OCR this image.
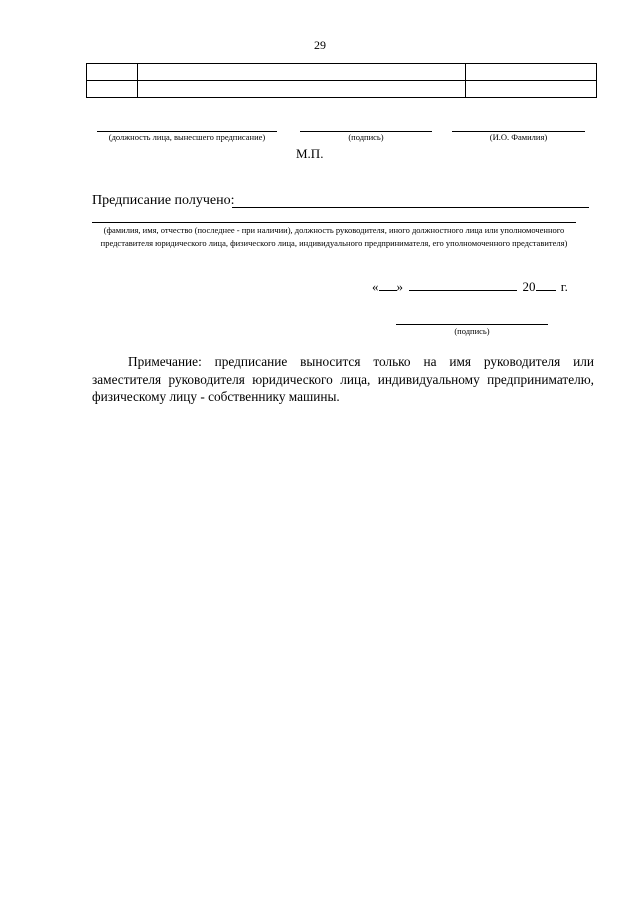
29

(должность лица, вынесшего предписание)	(подпись)	(И.О. Фамилия)
М.П.
Предписание получено:
(фамилия, имя, отчество (последнее - при наличии), должность руководителя, иного должностного лица или уполномоченного представителя юридического лица, физического лица, индивидуального предпринимателя, его уполномоченного представителя)
« »	20 г.
(подпись)
Примечание: предписание выносится только на имя руководителя или заместителя руководителя юридического лица, индивидуальному предпринимателю, физическому лицу - собственнику машины.
